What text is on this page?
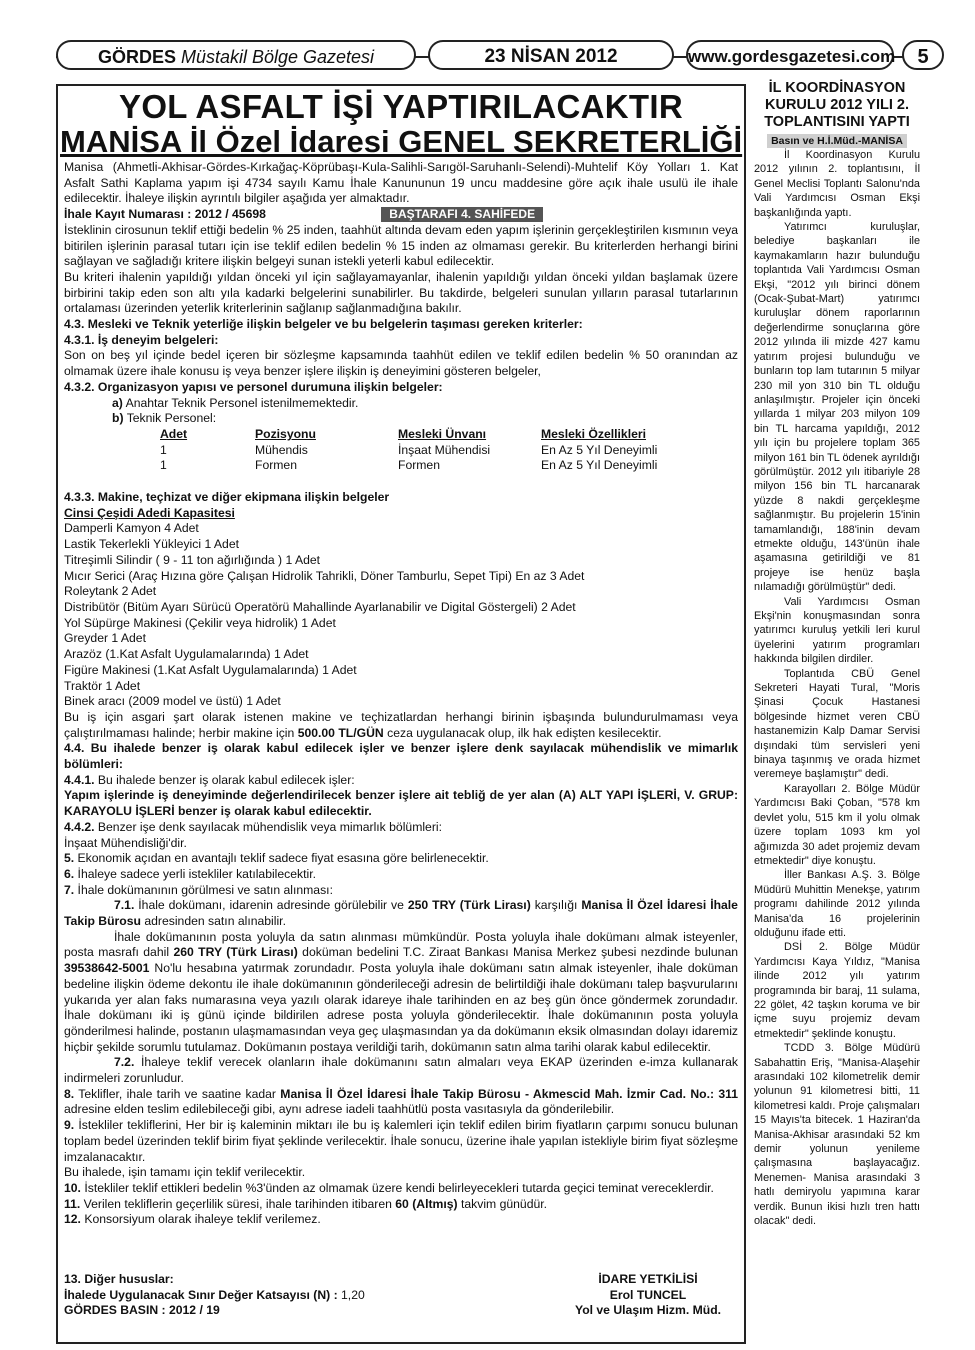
GÖRDES Müstakil Bölge Gazetesi	23 NİSAN 2012	www.gordesgazetesi.com	5
YOL ASFALT İŞİ YAPTIRILACAKTIR
MANİSA İl Özel İdaresi GENEL SEKRETERLİĞİ

Manisa (Ahmetli-Akhisar-Gördes-Kırkağaç-Köprübaşı-Kula-Salihli-Sarıgöl-Saruhanlı-Selendi)-Muhtelif Köy Yolları 1. Kat Asfalt Sathi Kaplama yapım işi 4734 sayılı Kamu İhale Kanununun 19 uncu maddesine göre açık ihale usulü ile ihale edilecektir. İhaleye ilişkin ayrıntılı bilgiler aşağıda yer almaktadır.

İhale Kayıt Numarası : 2012 / 45698	BAŞTARAFI 4. SAHİFEDE

İsteklinin cirosunun teklif ettiği bedelin % 25 inden, taahhüt altında devam eden yapım işlerinin gerçekleştirilen kısmının veya bitirilen işlerinin parasal tutarı için ise teklif edilen bedelin % 15 inden az olmaması gerekir. Bu kriterlerden herhangi birini sağlayan ve sağladığı kritere ilişkin belgeyi sunan istekli yeterli kabul edilecektir.

Bu kriteri ihalenin yapıldığı yıldan önceki yıl için sağlayamayanlar, ihalenin yapıldığı yıldan önceki yıldan başlamak üzere birbirini takip eden son altı yıla kadarki belgelerini sunabilirler. Bu takdirde, belgeleri sunulan yılların parasal tutarlarının ortalaması üzerinden yeterlik kriterlerinin sağlanıp sağlanmadığına bakılır.

4.3. Mesleki ve Teknik yeterliğe ilişkin belgeler ve bu belgelerin taşıması gereken kriterler:

4.3.1. İş deneyim belgeleri:

Son on beş yıl içinde bedel içeren bir sözleşme kapsamında taahhüt edilen ve teklif edilen bedelin % 50 oranından az olmamak üzere ihale konusu iş veya benzer işlere ilişkin iş deneyimini gösteren belgeler,

4.3.2. Organizasyon yapısı ve personel durumuna ilişkin belgeler:

a) Anahtar Teknik Personel istenilmemektedir.

b) Teknik Personel:

Adet	Pozisyonu	Mesleki Ünvanı	Mesleki Özellikleri
1	Mühendis	İnşaat Mühendisi	En Az 5 Yıl Deneyimli
1	Formen	Formen	En Az 5 Yıl Deneyimli

4.3.3. Makine, teçhizat ve diğer ekipmana ilişkin belgeler

Cinsi Çeşidi Adedi Kapasitesi

Damperli Kamyon 4 Adet

Lastik Tekerlekli Yükleyici 1 Adet

Titreşimli Silindir ( 9 - 11 ton ağırlığında ) 1 Adet

Mıcır Serici (Araç Hızına göre Çalışan Hidrolik Tahrikli, Döner Tamburlu, Sepet Tipi) En az 3 Adet

Roleytank 2 Adet

Distribütör (Bitüm Ayarı Sürücü Operatörü Mahallinde Ayarlanabilir ve Digital Göstergeli) 2 Adet

Yol Süpürge Makinesi (Çekilir veya hidrolik) 1 Adet

Greyder 1 Adet

Arazöz (1.Kat Asfalt Uygulamalarında) 1 Adet

Figüre Makinesi (1.Kat Asfalt Uygulamalarında) 1 Adet

Traktör 1 Adet

Binek aracı (2009 model ve üstü) 1 Adet

Bu iş için asgari şart olarak istenen makine ve teçhizatlardan herhangi birinin işbaşında bulundurulmaması veya çalıştırılmaması halinde; herbir makine için 500.00 TL/GÜN ceza uygulanacak olup, ilk hak edişten kesilecektir.

4.4. Bu ihalede benzer iş olarak kabul edilecek işler ve benzer işlere denk sayılacak mühendislik ve mimarlık bölümleri:

4.4.1. Bu ihalede benzer iş olarak kabul edilecek işler:

Yapım işlerinde iş deneyiminde değerlendirilecek benzer işlere ait tebliğ de yer alan (A) ALT YAPI İŞLERİ, V. GRUP: KARAYOLU İŞLERİ benzer iş olarak kabul edilecektir.

4.4.2. Benzer işe denk sayılacak mühendislik veya mimarlık bölümleri:

İnşaat Mühendisliği'dir.

5. Ekonomik açıdan en avantajlı teklif sadece fiyat esasına göre belirlenecektir.

6. İhaleye sadece yerli istekliler katılabilecektir.

7. İhale dokümanının görülmesi ve satın alınması:

7.1. İhale dokümanı, idarenin adresinde görülebilir ve 250 TRY (Türk Lirası) karşılığı Manisa İl Özel İdaresi İhale Takip Bürosu adresinden satın alınabilir.

İhale dokümanının posta yoluyla da satın alınması mümkündür. Posta yoluyla ihale dokümanı almak isteyenler, posta masrafı dahil 260 TRY (Türk Lirası) doküman bedelini T.C. Ziraat Bankası Manisa Merkez şubesi nezdinde bulunan 39538642-5001 No'lu hesabına yatırmak zorundadır. Posta yoluyla ihale dokümanı satın almak isteyenler, ihale doküman bedeline ilişkin ödeme dekontu ile ihale dokümanının gönderileceği adresin de belirtildiği ihale dokümanı talep başvurularını yukarıda yer alan faks numarasına veya yazılı olarak idareye ihale tarihinden en az beş gün önce göndermek zorundadır. İhale dokümanı iki iş günü içinde bildirilen adrese posta yoluyla gönderilecektir. İhale dokümanının posta yoluyla gönderilmesi halinde, postanın ulaşmamasından veya geç ulaşmasından ya da dokümanın eksik olmasından dolayı idaremiz hiçbir şekilde sorumlu tutulamaz. Dokümanın postaya verildiği tarih, dokümanın satın alma tarihi olarak kabul edilecektir.

7.2. İhaleye teklif verecek olanların ihale dokümanını satın almaları veya EKAP üzerinden e-imza kullanarak indirmeleri zorunludur.

8. Teklifler, ihale tarih ve saatine kadar Manisa İl Özel İdaresi İhale Takip Bürosu - Akmescid Mah. İzmir Cad. No.: 311 adresine elden teslim edilebileceği gibi, aynı adrese iadeli taahhütlü posta vasıtasıyla da gönderilebilir.

9. İstekliler tekliflerini, Her bir iş kaleminin miktarı ile bu iş kalemleri için teklif edilen birim fiyatların çarpımı sonucu bulunan toplam bedel üzerinden teklif birim fiyat şeklinde verilecektir. İhale sonucu, üzerine ihale yapılan istekliyle birim fiyat sözleşme imzalanacaktır.

Bu ihalede, işin tamamı için teklif verilecektir.

10. İstekliler teklif ettikleri bedelin %3'ünden az olmamak üzere kendi belirleyecekleri tutarda geçici teminat vereceklerdir.

11. Verilen tekliflerin geçerlilik süresi, ihale tarihinden itibaren 60 (Altmış) takvim günüdür.

12. Konsorsiyum olarak ihaleye teklif verilemez.

13. Diğer hususlar:
İhalede Uygulanacak Sınır Değer Katsayısı (N) : 1,20
GÖRDES BASIN : 2012 / 19
İDARE YETKİLİSİ
Erol TUNCEL
Yol ve Ulaşım Hizm. Müd.
İL KOORDİNASYON KURULU 2012 YILI 2. TOPLANTISINI YAPTI
Basın ve H.İ.Müd.-MANİSA

İl Koordinasyon Kurulu 2012 yılının 2. toplantısını, İl Genel Meclisi Toplantı Salonu'nda Vali Yardımcısı Osman Ekşi başkanlığında yaptı.

Yatırımcı kuruluşlar, belediye başkanları ile kaymakamların hazır bulunduğu toplantıda Vali Yardımcısı Osman Ekşi, "2012 yılı birinci dönem (Ocak-Şubat-Mart) yatırımcı kuruluşlar dönem raporlarının değerlendirme sonuçlarına göre 2012 yılında ili mizde 427 kamu yatırım projesi bulunduğu ve bunların top lam tutarının 5 milyar 230 mil yon 310 bin TL olduğu anlaşılmıştır. Projeler için önceki yıllarda 1 milyar 203 milyon 109 bin TL harcama yapıldığı, 2012 yılı için bu projelere toplam 365 milyon 161 bin TL ödenek ayrıldığı görülmüştür. 2012 yılı itibariyle 28 milyon 156 bin TL harcanarak yüzde 8 nakdi gerçekleşme sağlanmıştır. Bu projelerin 15'inin tamamlandığı, 188'inin devam etmekte olduğu, 143'ünün ihale aşamasına getirildiği ve 81 projeye ise henüz başla nılamadığı görülmüştür" dedi.

Vali Yardımcısı Osman Ekşi'nin konuşmasından sonra yatırımcı kuruluş yetkili leri kurul üyelerini yatırım programları hakkında bilgilen dirdiler.

Toplantıda CBÜ Genel Sekreteri Hayati Tural, "Moris Şinasi Çocuk Hastanesi bölgesinde hizmet veren CBÜ hastanemizin Kalp Damar Servisi dışındaki tüm servisleri yeni binaya taşınmış ve orada hizmet veremeye başlamıştır" dedi.

Karayolları 2. Bölge Müdür Yardımcısı Baki Çoban, "578 km devlet yolu, 515 km il yolu olmak üzere toplam 1093 km yol ağımızda 30 adet projemiz devam etmektedir" diye konuştu.

İller Bankası A.Ş. 3. Bölge Müdürü Muhittin Menekşe, yatırım programı dahilinde 2012 yılında Manisa'da 16 projelerinin olduğunu ifade etti.

DSİ 2. Bölge Müdür Yardımcısı Kaya Yıldız, "Manisa ilinde 2012 yılı yatırım programında bir baraj, 11 sulama, 22 gölet, 42 taşkın koruma ve bir içme suyu projemiz devam etmektedir" şeklinde konuştu.

TCDD 3. Bölge Müdürü Sabahattin Eriş, "Manisa-Alaşehir arasındaki 102 kilometrelik demir yolunun 91 kilometresi bitti, 11 kilometresi kaldı. Proje çalışmaları 15 Mayıs'ta bitecek. 1 Haziran'da Manisa-Akhisar arasındaki 52 km demir yolunun yenileme çalışmasına başlayacağız. Menemen- Manisa arasındaki 3 hatlı demiryolu yapımına karar verdik. Bunun ikisi hızlı tren hattı olacak" dedi.
